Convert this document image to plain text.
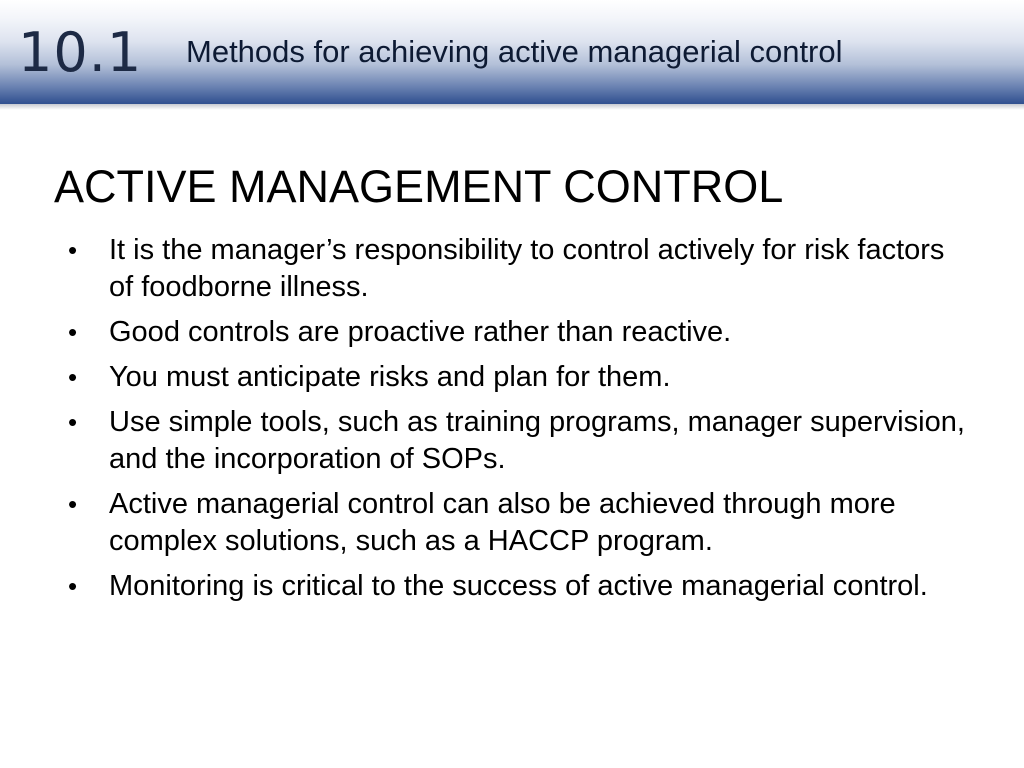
10.1 Methods for achieving active managerial control
ACTIVE MANAGEMENT CONTROL
•	It is the manager’s responsibility to control actively for risk factors of foodborne illness.
•	Good controls are proactive rather than reactive.
•	You must anticipate risks and plan for them.
•	Use simple tools, such as training programs, manager supervision, and the incorporation of SOPs.
•	Active managerial control can also be achieved through more complex solutions, such as a HACCP program.
•	Monitoring is critical to the success of active managerial control.
